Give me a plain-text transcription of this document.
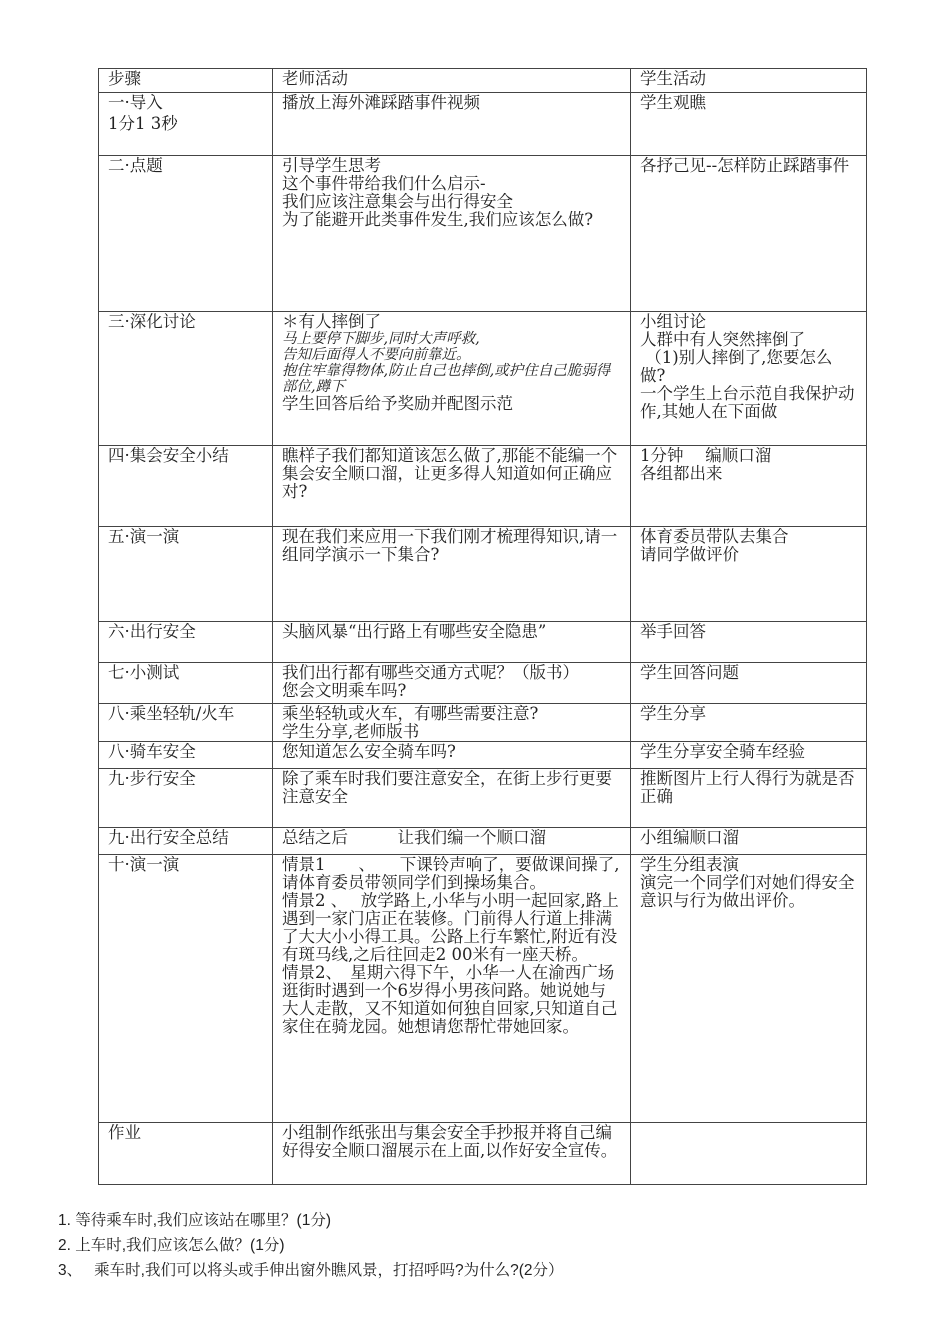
步骤	老师活动	学生活动

一·导入
1分1 3秒	播放上海外滩踩踏事件视频	学生观瞧

二·点题	引导学生思考
这个事件带给我们什么启示-
我们应该注意集会与出行得安全
为了能避开此类事件发生,我们应该怎么做?	各抒己见--怎样防止踩踏事件

三·深化讨论	＊有人摔倒了
马上要停下脚步,同时大声呼救,
告知后面得人不要向前靠近。
抱住牢靠得物体,防止自己也摔倒,或护住自己脆弱得部位,蹲下
学生回答后给予奖励并配图示范	小组讨论
人群中有人突然摔倒了
（1)别人摔倒了,您要怎么做?
一个学生上台示范自我保护动作,其她人在下面做

四·集会安全小结	瞧样子我们都知道该怎么做了,那能不能编一个集会安全顺口溜，让更多得人知道如何正确应对?	1分钟　 编顺口溜
各组都出来

五·演一演	现在我们来应用一下我们刚才梳理得知识,请一组同学演示一下集合?	体育委员带队去集合
请同学做评价

六·出行安全	头脑风暴“出行路上有哪些安全隐患”	举手回答

七·小测试	我们出行都有哪些交通方式呢？（版书）
您会文明乘车吗?	学生回答问题

八·乘坐轻轨/火车	乘坐轻轨或火车，有哪些需要注意?
学生分享,老师版书	学生分享

八·骑车安全	您知道怎么安全骑车吗?	学生分享安全骑车经验

九·步行安全	除了乘车时我们要注意安全，在街上步行更要注意安全	推断图片上行人得行为就是否正确

九·出行安全总结	总结之后　　　让我们编一个顺口溜	小组编顺口溜

十·演一演	情景1　　、　　下课铃声响了，要做课间操了,请体育委员带领同学们到操场集合。
情景2 、　 放学路上,小华与小明一起回家,路上遇到一家门店正在装修。门前得人行道上排满了大大小小得工具。公路上行车繁忙,附近有没有斑马线,之后往回走2 00米有一座天桥。
情景2、　星期六得下午，小华一人在渝西广场逛街时遇到一个6岁得小男孩问路。她说她与大人走散，又不知道如何独自回家,只知道自己家住在骑龙园。她想请您帮忙带她回家。	学生分组表演
演完一个同学们对她们得安全意识与行为做出评价。

作业	小组制作纸张出与集会安全手抄报并将自己编好得安全顺口溜展示在上面,以作好安全宣传。	

1. 等待乘车时,我们应该站在哪里？(1分)
2. 上车时,我们应该怎么做？(1分)
3、　 乘车时,我们可以将头或手伸出窗外瞧风景，打招呼吗?为什么?(2分）
